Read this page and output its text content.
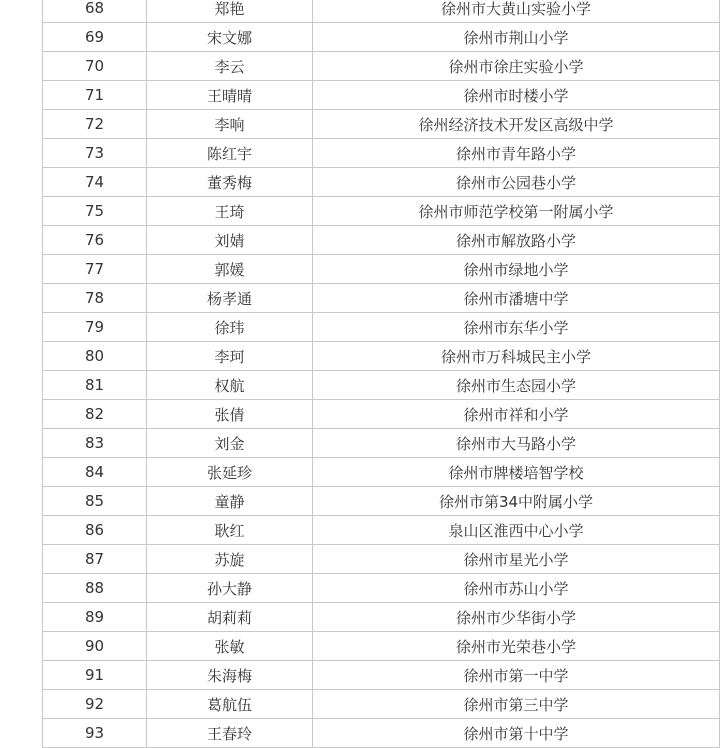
68	郑艳	徐州市大黄山实验小学
69	宋文娜	徐州市荆山小学
70	李云	徐州市徐庄实验小学
71	王晴晴	徐州市时楼小学
72	李响	徐州经济技术开发区高级中学
73	陈红宇	徐州市青年路小学
74	董秀梅	徐州市公园巷小学
75	王琦	徐州市师范学校第一附属小学
76	刘婧	徐州市解放路小学
77	郭媛	徐州市绿地小学
78	杨孝通	徐州市潘塘中学
79	徐玮	徐州市东华小学
80	李珂	徐州市万科城民主小学
81	权航	徐州市生态园小学
82	张倩	徐州市祥和小学
83	刘金	徐州市大马路小学
84	张延珍	徐州市牌楼培智学校
85	童静	徐州市第34中附属小学
86	耿红	泉山区淮西中心小学
87	苏旋	徐州市星光小学
88	孙大静	徐州市苏山小学
89	胡莉莉	徐州市少华街小学
90	张敏	徐州市光荣巷小学
91	朱海梅	徐州市第一中学
92	葛航伍	徐州市第三中学
93	王春玲	徐州市第十中学
